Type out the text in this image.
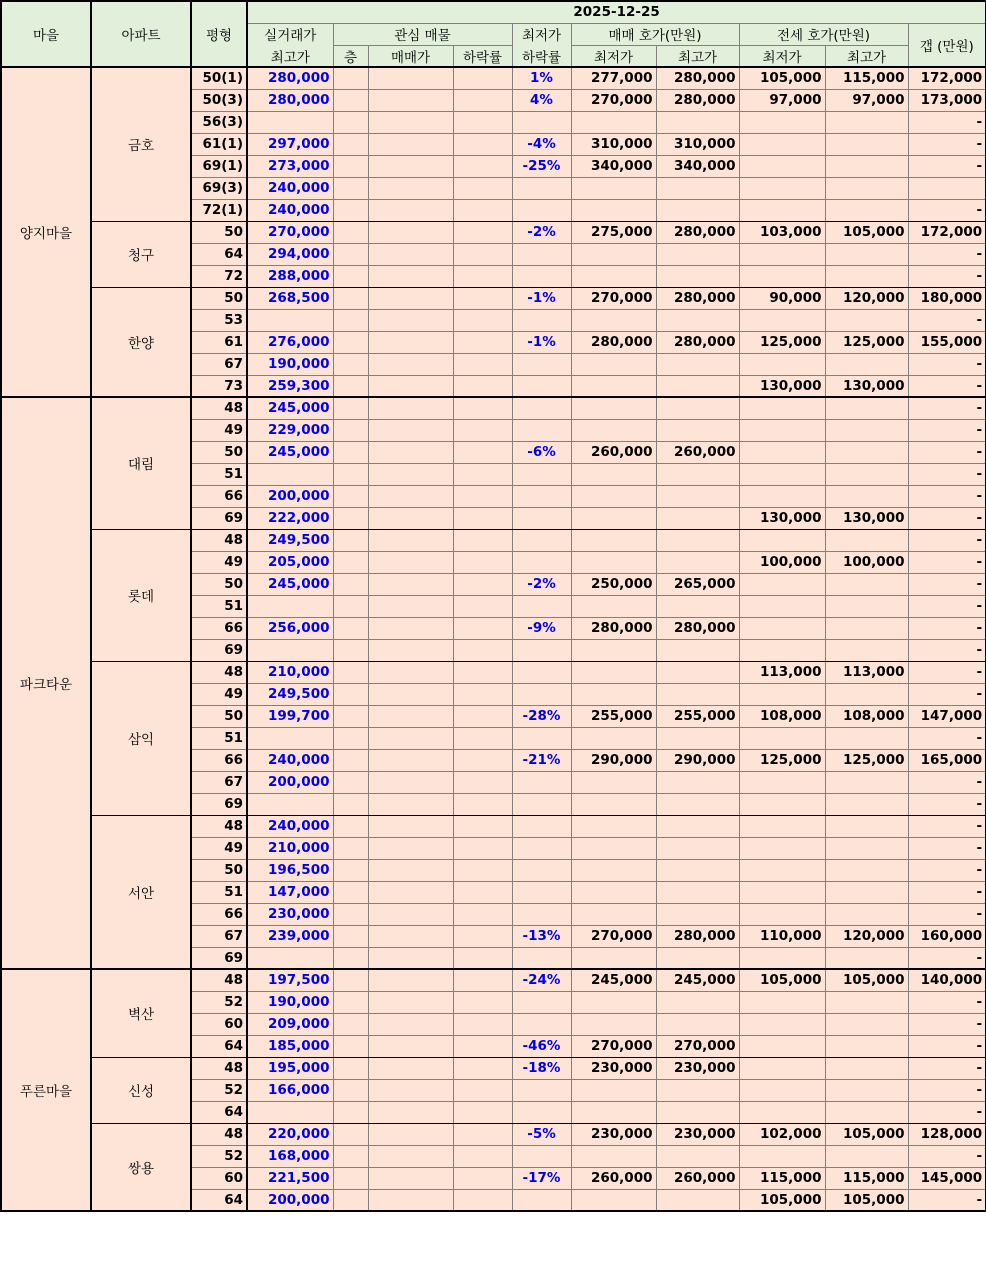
마을	아파트	평형	2025-12-25									
			실거래가	관심 매물			최저가	매매 호가(만원)		전세 호가(만원)		갭 (만원)
			최고가	층	매매가	하락률	하락률	최저가	최고가	최저가	최고가	
양지마을	금호	50(1)	280,000				1%	277,000	280,000	105,000	115,000	172,000
		50(3)	280,000				4%	270,000	280,000	97,000	97,000	173,000
		56(3)										-
		61(1)	297,000				-4%	310,000	310,000			-
		69(1)	273,000				-25%	340,000	340,000			-
		69(3)	240,000									
		72(1)	240,000									-
	청구	50	270,000				-2%	275,000	280,000	103,000	105,000	172,000
		64	294,000									-
		72	288,000									-
	한양	50	268,500				-1%	270,000	280,000	90,000	120,000	180,000
		53										-
		61	276,000				-1%	280,000	280,000	125,000	125,000	155,000
		67	190,000									-
		73	259,300							130,000	130,000	-
파크타운	대림	48	245,000									-
		49	229,000									-
		50	245,000				-6%	260,000	260,000			-
		51										-
		66	200,000									-
		69	222,000							130,000	130,000	-
	롯데	48	249,500									-
		49	205,000							100,000	100,000	-
		50	245,000				-2%	250,000	265,000			-
		51										-
		66	256,000				-9%	280,000	280,000			-
		69										-
	삼익	48	210,000							113,000	113,000	-
		49	249,500									-
		50	199,700				-28%	255,000	255,000	108,000	108,000	147,000
		51										-
		66	240,000				-21%	290,000	290,000	125,000	125,000	165,000
		67	200,000									-
		69										-
	서안	48	240,000									-
		49	210,000									-
		50	196,500									-
		51	147,000									-
		66	230,000									-
		67	239,000				-13%	270,000	280,000	110,000	120,000	160,000
		69										-
푸른마을	벽산	48	197,500				-24%	245,000	245,000	105,000	105,000	140,000
		52	190,000									-
		60	209,000									-
		64	185,000				-46%	270,000	270,000			-
	신성	48	195,000				-18%	230,000	230,000			-
		52	166,000									-
		64										-
	쌍용	48	220,000				-5%	230,000	230,000	102,000	105,000	128,000
		52	168,000									-
		60	221,500				-17%	260,000	260,000	115,000	115,000	145,000
		64	200,000							105,000	105,000	-
